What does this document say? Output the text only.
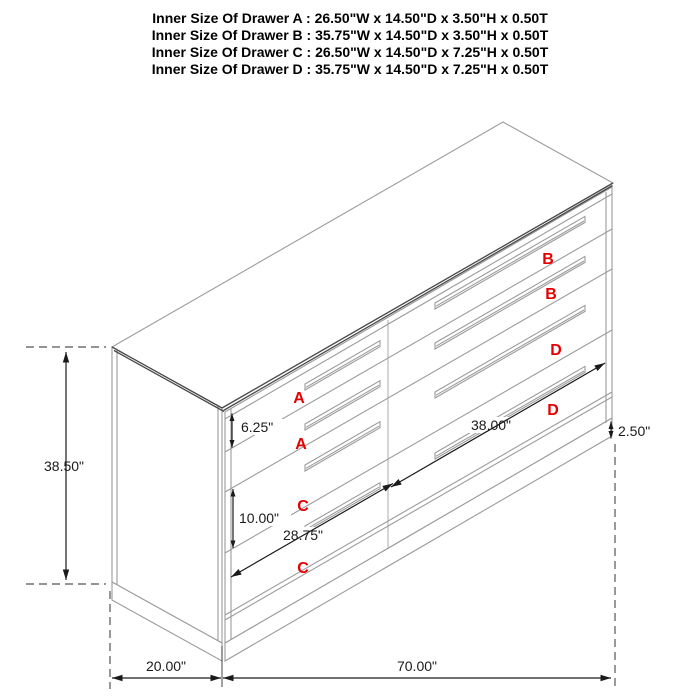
Inner Size Of Drawer A : 26.50"W x 14.50"D x 3.50"H x 0.50T
Inner Size Of Drawer B : 35.75"W x 14.50"D x 3.50"H x 0.50T
Inner Size Of Drawer C : 26.50"W x 14.50"D x 7.25"H x 0.50T
Inner Size Of Drawer D : 35.75"W x 14.50"D x 7.25"H x 0.50T
38.50"
6.25"
10.00"
28.75"
38.00"	2.50"
20.00"	70.00"
A
A
B
B
C
C
D
D
